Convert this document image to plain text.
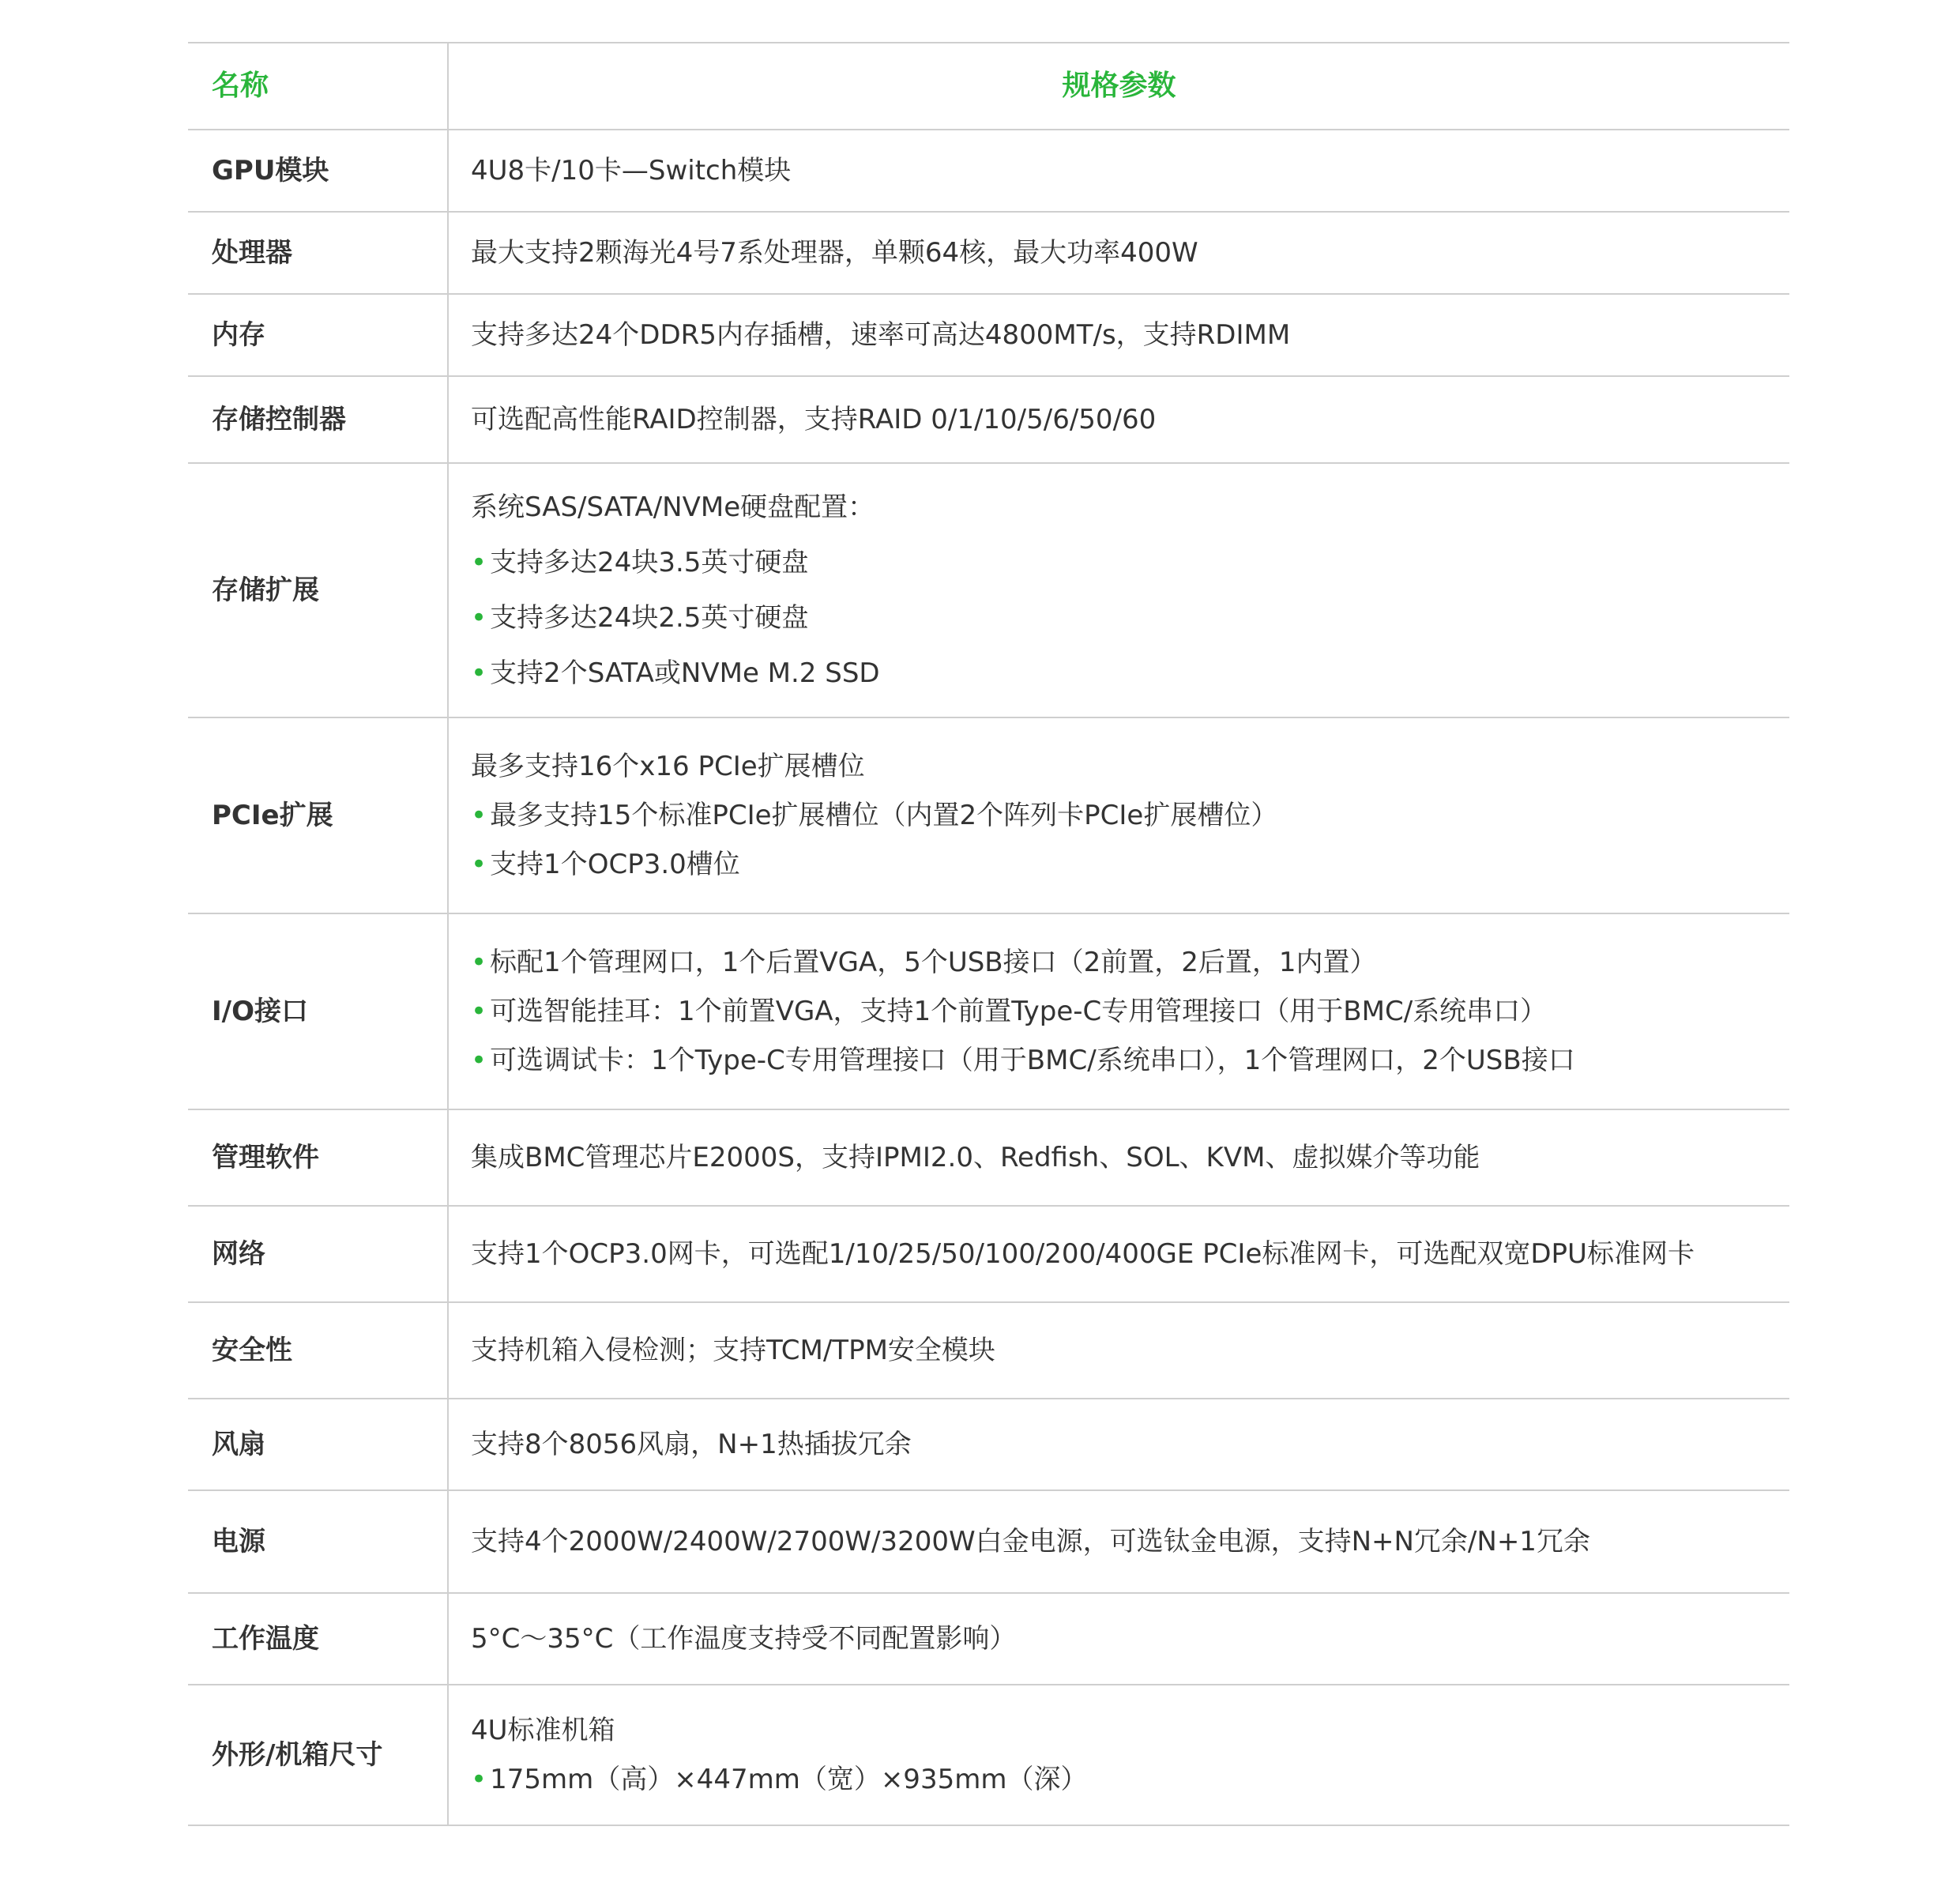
名称	规格参数
GPU模块	4U8卡/10卡—Switch模块

处理器	最大支持2颗海光4号7系处理器，单颗64核，最大功率400W

内存	支持多达24个DDR5内存插槽，速率可高达4800MT/s，支持RDIMM

存储控制器	可选配高性能RAID控制器，支持RAID 0/1/10/5/6/50/60

存储扩展	系统SAS/SATA/NVMe硬盘配置：
• 支持多达24块3.5英寸硬盘
• 支持多达24块2.5英寸硬盘
• 支持2个SATA或NVMe M.2 SSD

PCIe扩展	最多支持16个x16 PCIe扩展槽位
• 最多支持15个标准PCIe扩展槽位（内置2个阵列卡PCIe扩展槽位）
• 支持1个OCP3.0槽位

I/O接口	• 标配1个管理网口，1个后置VGA，5个USB接口（2前置，2后置，1内置）
• 可选智能挂耳：1个前置VGA，支持1个前置Type-C专用管理接口（用于BMC/系统串口）
• 可选调试卡：1个Type-C专用管理接口（用于BMC/系统串口），1个管理网口，2个USB接口

管理软件	集成BMC管理芯片E2000S，支持IPMI2.0、Redfish、SOL、KVM、虚拟媒介等功能

网络	支持1个OCP3.0网卡，可选配1/10/25/50/100/200/400GE PCIe标准网卡，可选配双宽DPU标准网卡

安全性	支持机箱入侵检测；支持TCM/TPM安全模块

风扇	支持8个8056风扇，N+1热插拔冗余

电源	支持4个2000W/2400W/2700W/3200W白金电源，可选钛金电源，支持N+N冗余/N+1冗余

工作温度	5°C～35°C（工作温度支持受不同配置影响）

外形/机箱尺寸	4U标准机箱
• 175mm（高）×447mm（宽）×935mm（深）
